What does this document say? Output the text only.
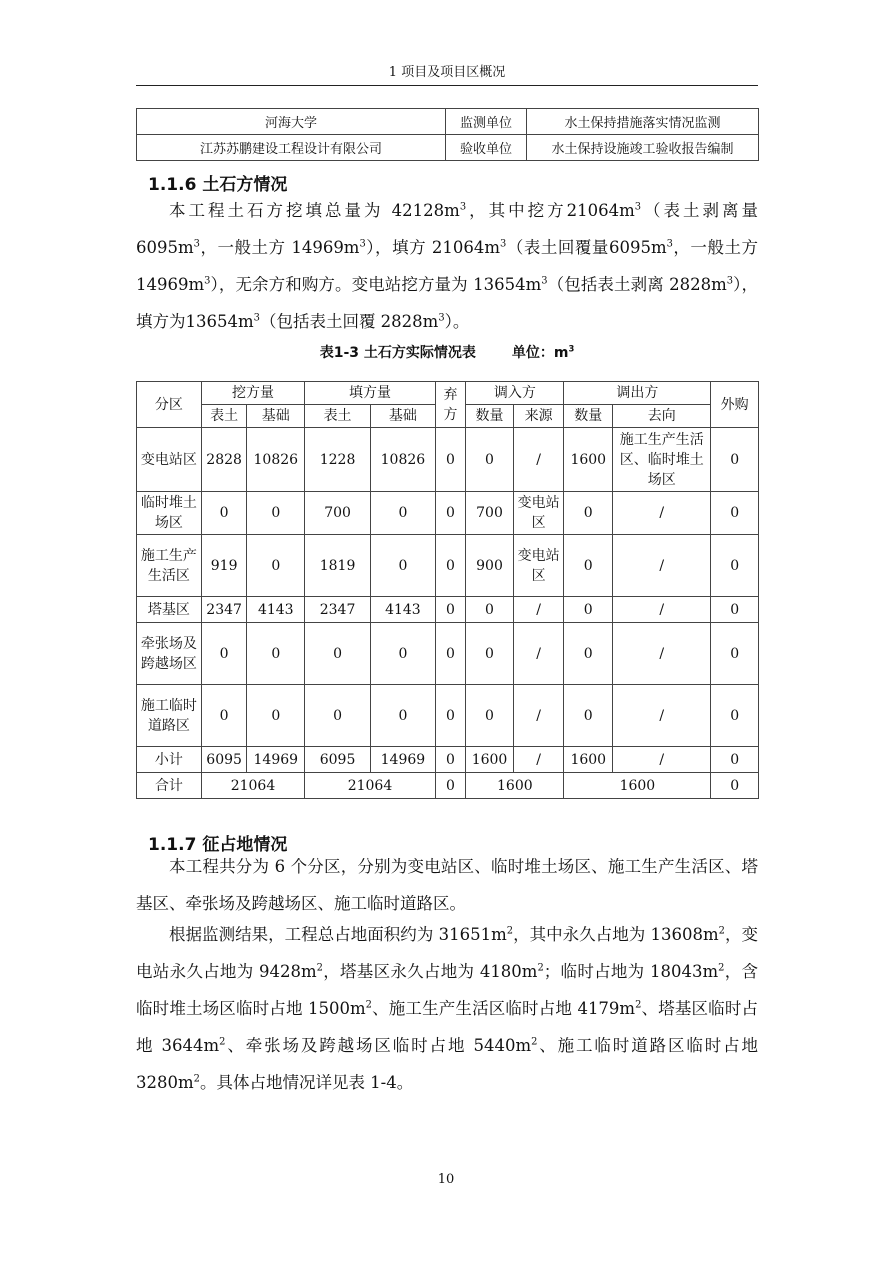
1 项目及项目区概况
河海大学	监测单位	水土保持措施落实情况监测
江苏苏鹏建设工程设计有限公司	验收单位	水土保持设施竣工验收报告编制
1.1.6 土石方情况

本工程土石方挖填总量为 $42128m^3$，其中挖方$21064m^3$（表土剥离量 $6095m^3$，一般土方 $14969m^3$），填方 $21064m^3$（表土回覆量$6095m^3$，一般土方 $14969m^3$），无余方和购方。变电站挖方量为 $13654m^3$（包括表土剥离 $2828m^3$），填方为$13654m^3$（包括表土回覆 $2828m^3$）。

表1-3 土石方实际情况表	单位：$m^3$
分区	挖方量		填方量		弃方	调入方		调出方		外购
	表土	基础	表土	基础		数量	来源	数量	去向	
变电站区	2828	10826	1228	10826	0	0	/	1600	施工生产生活区、临时堆土场区	0
临时堆土场区	0	0	700	0	0	700	变电站区	0	/	0
施工生产生活区	919	0	1819	0	0	900	变电站区	0	/	0
塔基区	2347	4143	2347	4143	0	0	/	0	/	0
牵张场及跨越场区	0	0	0	0	0	0	/	0	/	0
施工临时道路区	0	0	0	0	0	0	/	0	/	0
小计	6095	14969	6095	14969	0	1600	/	1600	/	0
合计	21064		21064		0	1600		1600		0
1.1.7 征占地情况

本工程共分为 6 个分区，分别为变电站区、临时堆土场区、施工生产生活区、塔基区、牵张场及跨越场区、施工临时道路区。

根据监测结果，工程总占地面积约为 $31651m^2$，其中永久占地为 $13608m^2$，变电站永久占地为 $9428m^2$，塔基区永久占地为 $4180m^2$；临时占地为 $18043m^2$，含临时堆土场区临时占地 $1500m^2$、施工生产生活区临时占地 $4179m^2$、塔基区临时占地 $3644m^2$、牵张场及跨越场区临时占地 $5440m^2$、施工临时道路区临时占地$3280m^2$。具体占地情况详见表 1-4。

10
